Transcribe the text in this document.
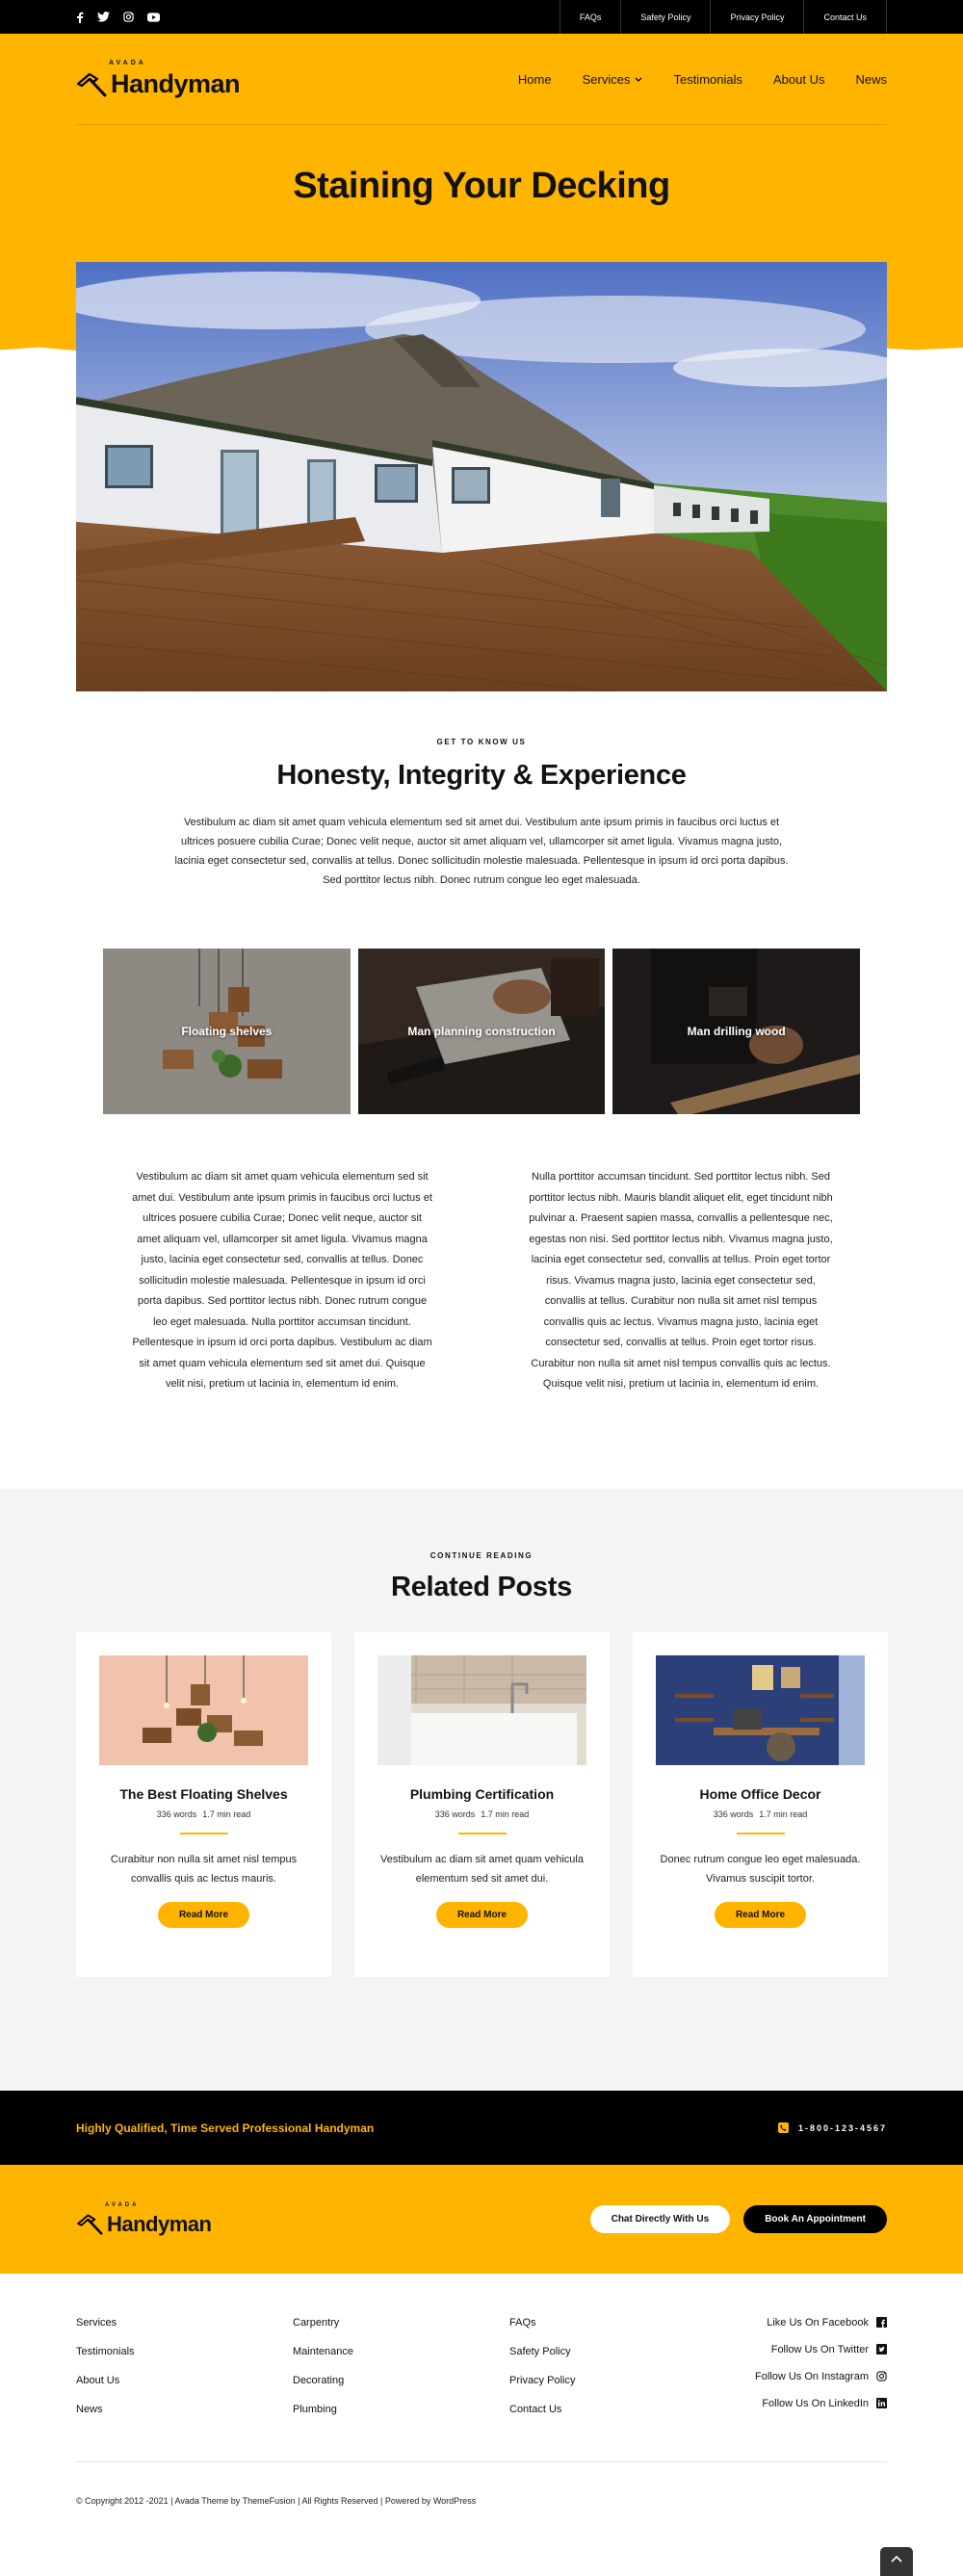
FAQs	Safety Policy	Privacy Policy	Contact Us
AVADA
Handyman	Home Services	Testimonials About Us News
Staining Your Decking
GET TO KNOW US
Honesty, Integrity & Experience

Vestibulum ac diam sit amet quam vehicula elementum sed sit amet dui. Vestibulum ante ipsum primis in faucibus orci luctus et ultrices posuere cubilia Curae; Donec velit neque, auctor sit amet aliquam vel, ullamcorper sit amet ligula. Vivamus magna justo, lacinia eget consectetur sed, convallis at tellus. Donec sollicitudin molestie malesuada. Pellentesque in ipsum id orci porta dapibus. Sed porttitor lectus nibh. Donec rutrum congue leo eget malesuada.

Floating shelves	Man planning construction	Man drilling wood

Vestibulum ac diam sit amet quam vehicula elementum sed sit amet dui. Vestibulum ante ipsum primis in faucibus orci luctus et ultrices posuere cubilia Curae; Donec velit neque, auctor sit amet aliquam vel, ullamcorper sit amet ligula. Vivamus magna justo, lacinia eget consectetur sed, convallis at tellus. Donec sollicitudin molestie malesuada. Pellentesque in ipsum id orci porta dapibus. Sed porttitor lectus nibh. Donec rutrum congue leo eget malesuada. Nulla porttitor accumsan tincidunt. Pellentesque in ipsum id orci porta dapibus. Vestibulum ac diam sit amet quam vehicula elementum sed sit amet dui. Quisque velit nisi, pretium ut lacinia in, elementum id enim.

Nulla porttitor accumsan tincidunt. Sed porttitor lectus nibh. Sed porttitor lectus nibh. Mauris blandit aliquet elit, eget tincidunt nibh pulvinar a. Praesent sapien massa, convallis a pellentesque nec, egestas non nisi. Sed porttitor lectus nibh. Vivamus magna justo, lacinia eget consectetur sed, convallis at tellus. Proin eget tortor risus. Vivamus magna justo, lacinia eget consectetur sed, convallis at tellus. Curabitur non nulla sit amet nisl tempus convallis quis ac lectus. Vivamus magna justo, lacinia eget consectetur sed, convallis at tellus. Proin eget tortor risus. Curabitur non nulla sit amet nisl tempus convallis quis ac lectus. Quisque velit nisi, pretium ut lacinia in, elementum id enim.

CONTINUE READING
Related Posts
The Best Floating Shelves
336 words 1.7 min read

Curabitur non nulla sit amet nisl tempus convallis quis ac lectus mauris.

Read More
Plumbing Certification
336 words 1.7 min read

Vestibulum ac diam sit amet quam vehicula elementum sed sit amet dui.

Read More
Home Office Decor
336 words 1.7 min read

Donec rutrum congue leo eget malesuada. Vivamus suscipit tortor.

Read More
Highly Qualified, Time Served Professional Handyman	1-800-123-4567
AVADA
Handyman	Chat Directly With Us	Book An Appointment
Services
Testimonials
About Us
News
Carpentry
Maintenance
Decorating
Plumbing
FAQs
Safety Policy
Privacy Policy
Contact Us
Like Us On Facebook
Follow Us On Twitter
Follow Us On Instagram
Follow Us On LinkedIn
© Copyright 2012 -2021 | Avada Theme by ThemeFusion | All Rights Reserved | Powered by WordPress
